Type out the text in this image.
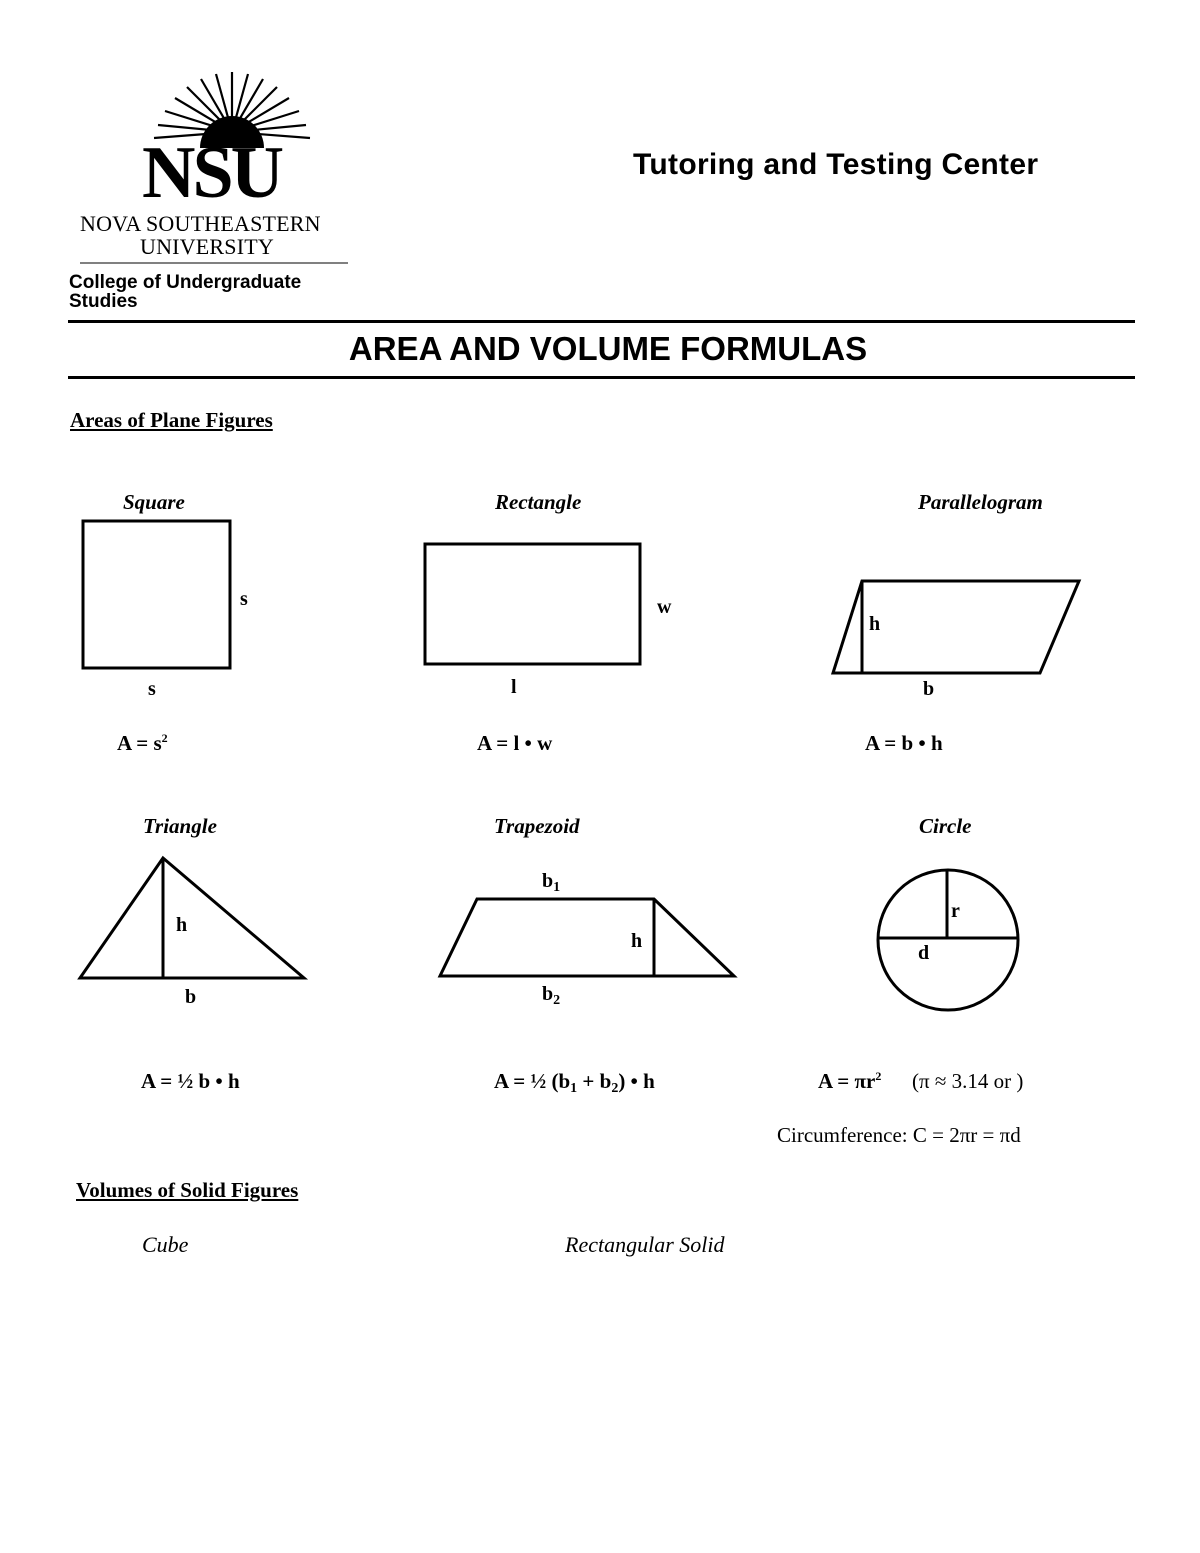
NSU
NOVA SOUTHEASTERN
UNIVERSITY
College of Undergraduate Studies
Tutoring and Testing Center
AREA AND VOLUME FORMULAS
Areas of Plane Figures
Square
s
s
$A = s^2$
Rectangle
w
l
A = l • w
Parallelogram
h
b
A = b • h
Triangle
h
b
A = ½ b • h
Trapezoid
$b_1$
h
$b_2$
A = ½ $(b_1 + b_2)$ • h
Circle
r
d
$A = \pi r^2$ (π ≈ 3.14 or )
Circumference: C = 2πr = πd
Volumes of Solid Figures
Cube	Rectangular Solid
